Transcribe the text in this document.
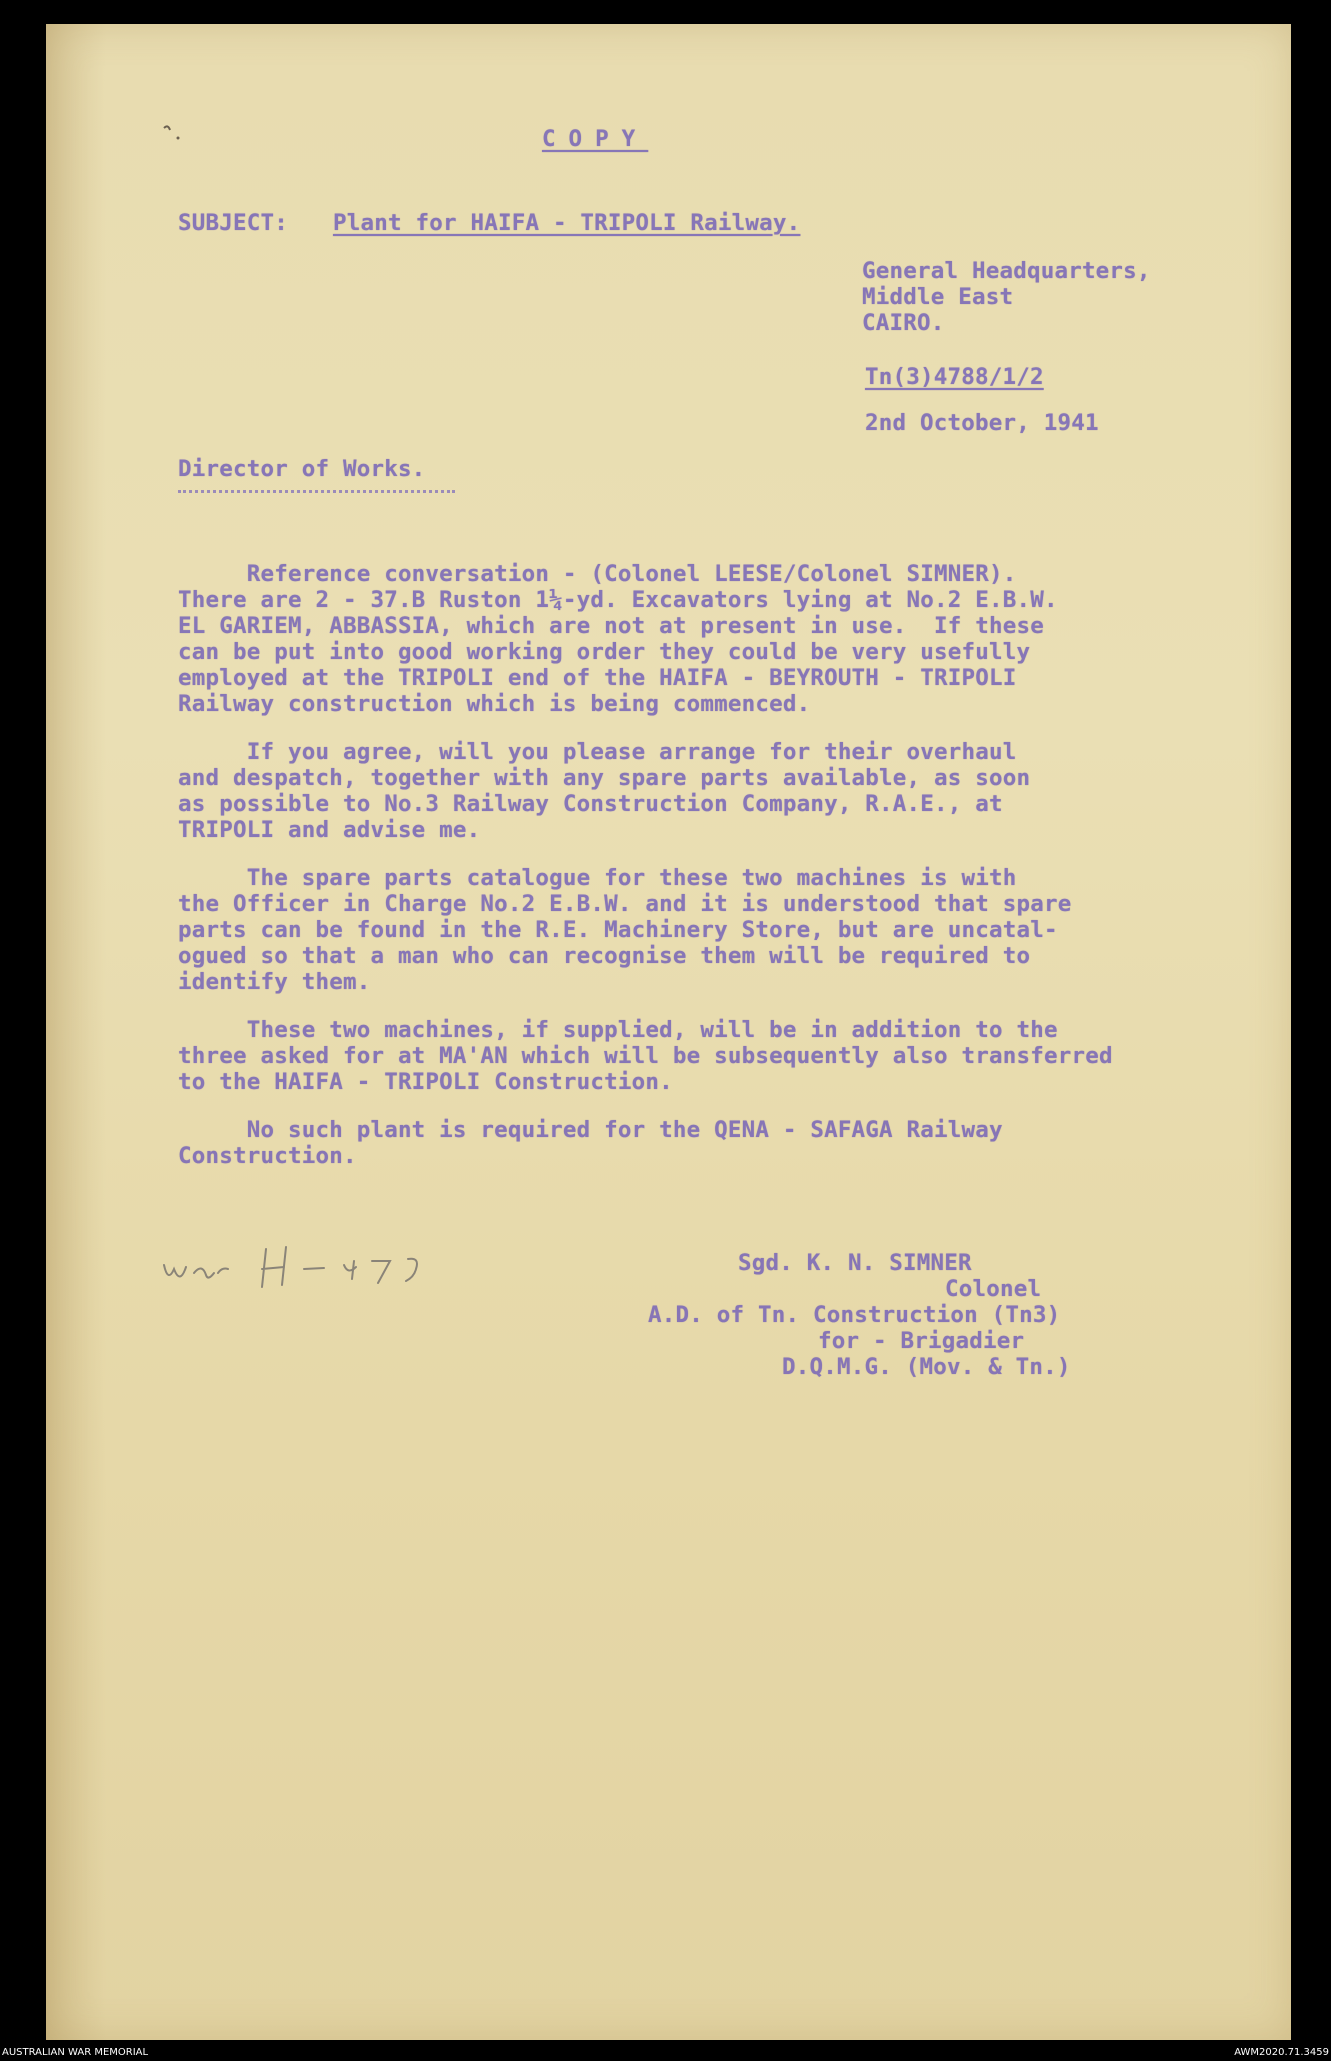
COPY
SUBJECT: Plant for HAIFA - TRIPOLI Railway.
General Headquarters,
Middle East
CAIRO.
Tn(3)4788/1/2
2nd October, 1941
Director of Works.
Reference conversation - (Colonel LEESE/Colonel SIMNER).
There are 2 - 37.B Ruston 1¼-yd. Excavators lying at No.2 E.B.W.
EL GARIEM, ABBASSIA, which are not at present in use.  If these
can be put into good working order they could be very usefully
employed at the TRIPOLI end of the HAIFA - BEYROUTH - TRIPOLI
Railway construction which is being commenced.
If you agree, will you please arrange for their overhaul
and despatch, together with any spare parts available, as soon
as possible to No.3 Railway Construction Company, R.A.E., at
TRIPOLI and advise me.
The spare parts catalogue for these two machines is with
the Officer in Charge No.2 E.B.W. and it is understood that spare
parts can be found in the R.E. Machinery Store, but are uncatal-
ogued so that a man who can recognise them will be required to
identify them.
These two machines, if supplied, will be in addition to the
three asked for at MA'AN which will be subsequently also transferred
to the HAIFA - TRIPOLI Construction.
No such plant is required for the QENA - SAFAGA Railway
Construction.
Sgd. K. N. SIMNER
Colonel
A.D. of Tn. Construction (Tn3)
for - Brigadier
D.Q.M.G. (Mov. & Tn.)
AUSTRALIAN WAR MEMORIAL	AWM2020.71.3459
